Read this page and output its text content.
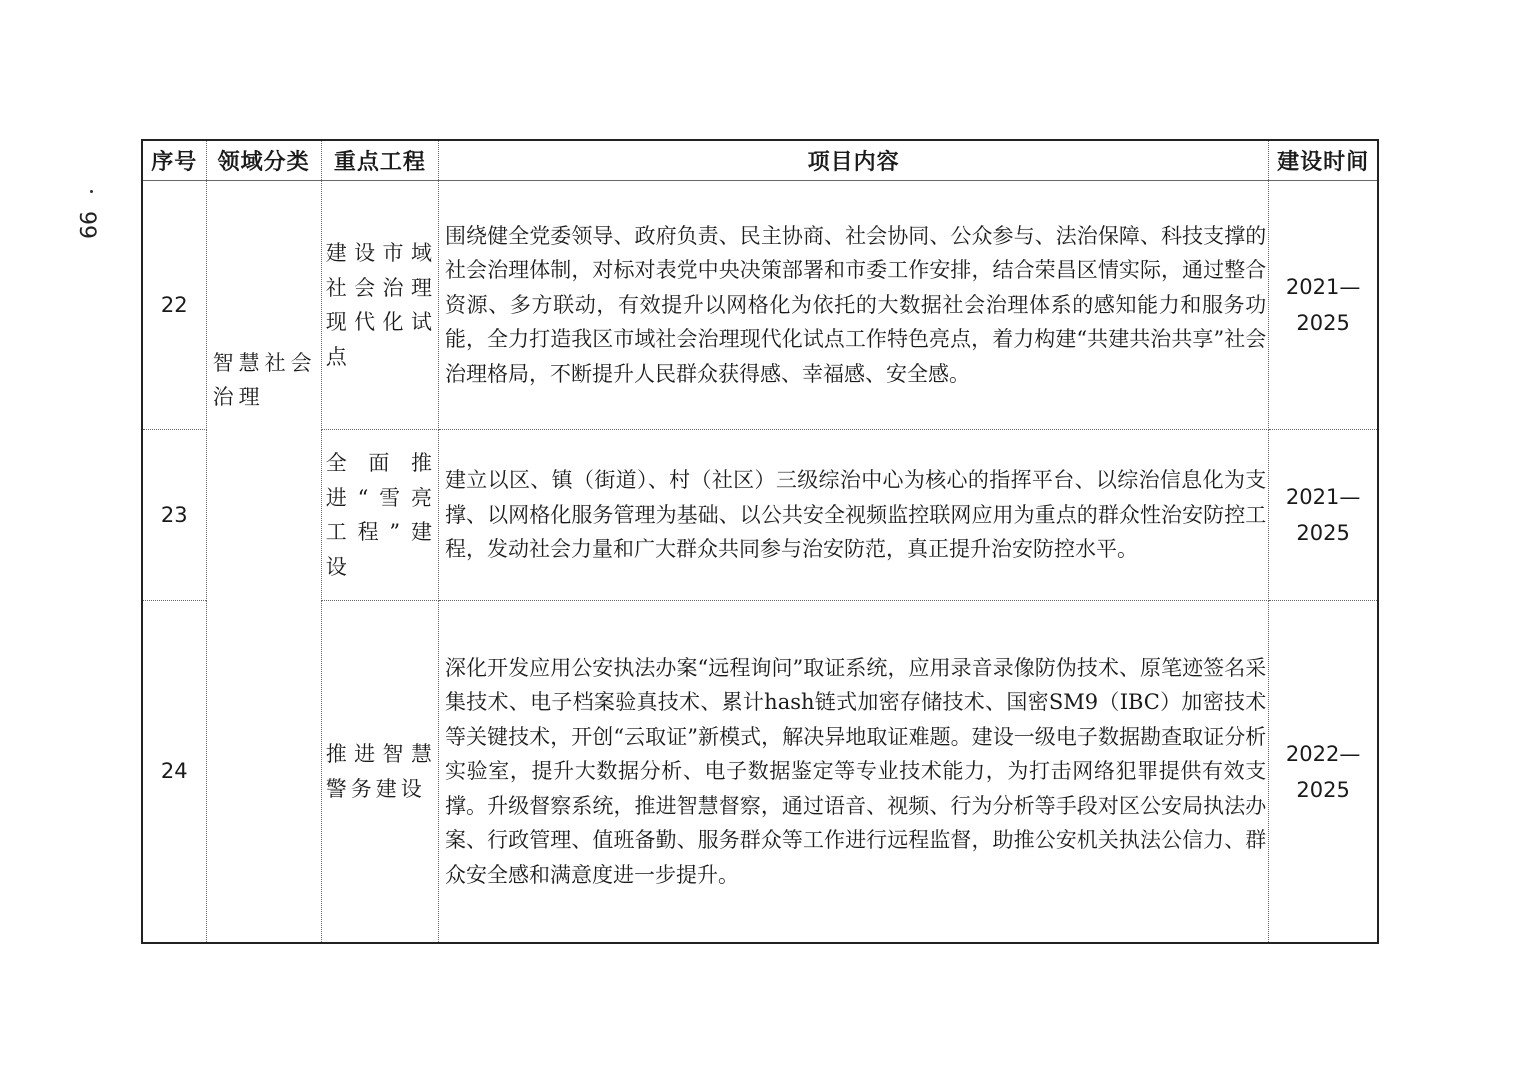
99
序号	领域分类	重点工程	项目内容	建设时间
22	智慧社会治理	建设市域社会治理现代化试点	围绕健全党委领导、政府负责、民主协商、社会协同、公众参与、法治保障、科技支撑的社会治理体制，对标对表党中央决策部署和市委工作安排，结合荣昌区情实际，通过整合资源、多方联动，有效提升以网格化为依托的大数据社会治理体系的感知能力和服务功能，全力打造我区市域社会治理现代化试点工作特色亮点，着力构建“共建共治共享”社会治理格局，不断提升人民群众获得感、幸福感、安全感。	2021—
2025

23		全面推进“雪亮工程”建设	建立以区、镇（街道）、村（社区）三级综治中心为核心的指挥平台、以综治信息化为支撑、以网格化服务管理为基础、以公共安全视频监控联网应用为重点的群众性治安防控工程，发动社会力量和广大群众共同参与治安防范，真正提升治安防控水平。	2021—
2025

24		推进智慧警务建设	深化开发应用公安执法办案“远程询问”取证系统，应用录音录像防伪技术、原笔迹签名采集技术、电子档案验真技术、累计hash链式加密存储技术、国密SM9（IBC）加密技术等关键技术，开创“云取证”新模式，解决异地取证难题。建设一级电子数据勘查取证分析实验室，提升大数据分析、电子数据鉴定等专业技术能力，为打击网络犯罪提供有效支撑。升级督察系统，推进智慧督察，通过语音、视频、行为分析等手段对区公安局执法办案、行政管理、值班备勤、服务群众等工作进行远程监督，助推公安机关执法公信力、群众安全感和满意度进一步提升。	2022—
2025
